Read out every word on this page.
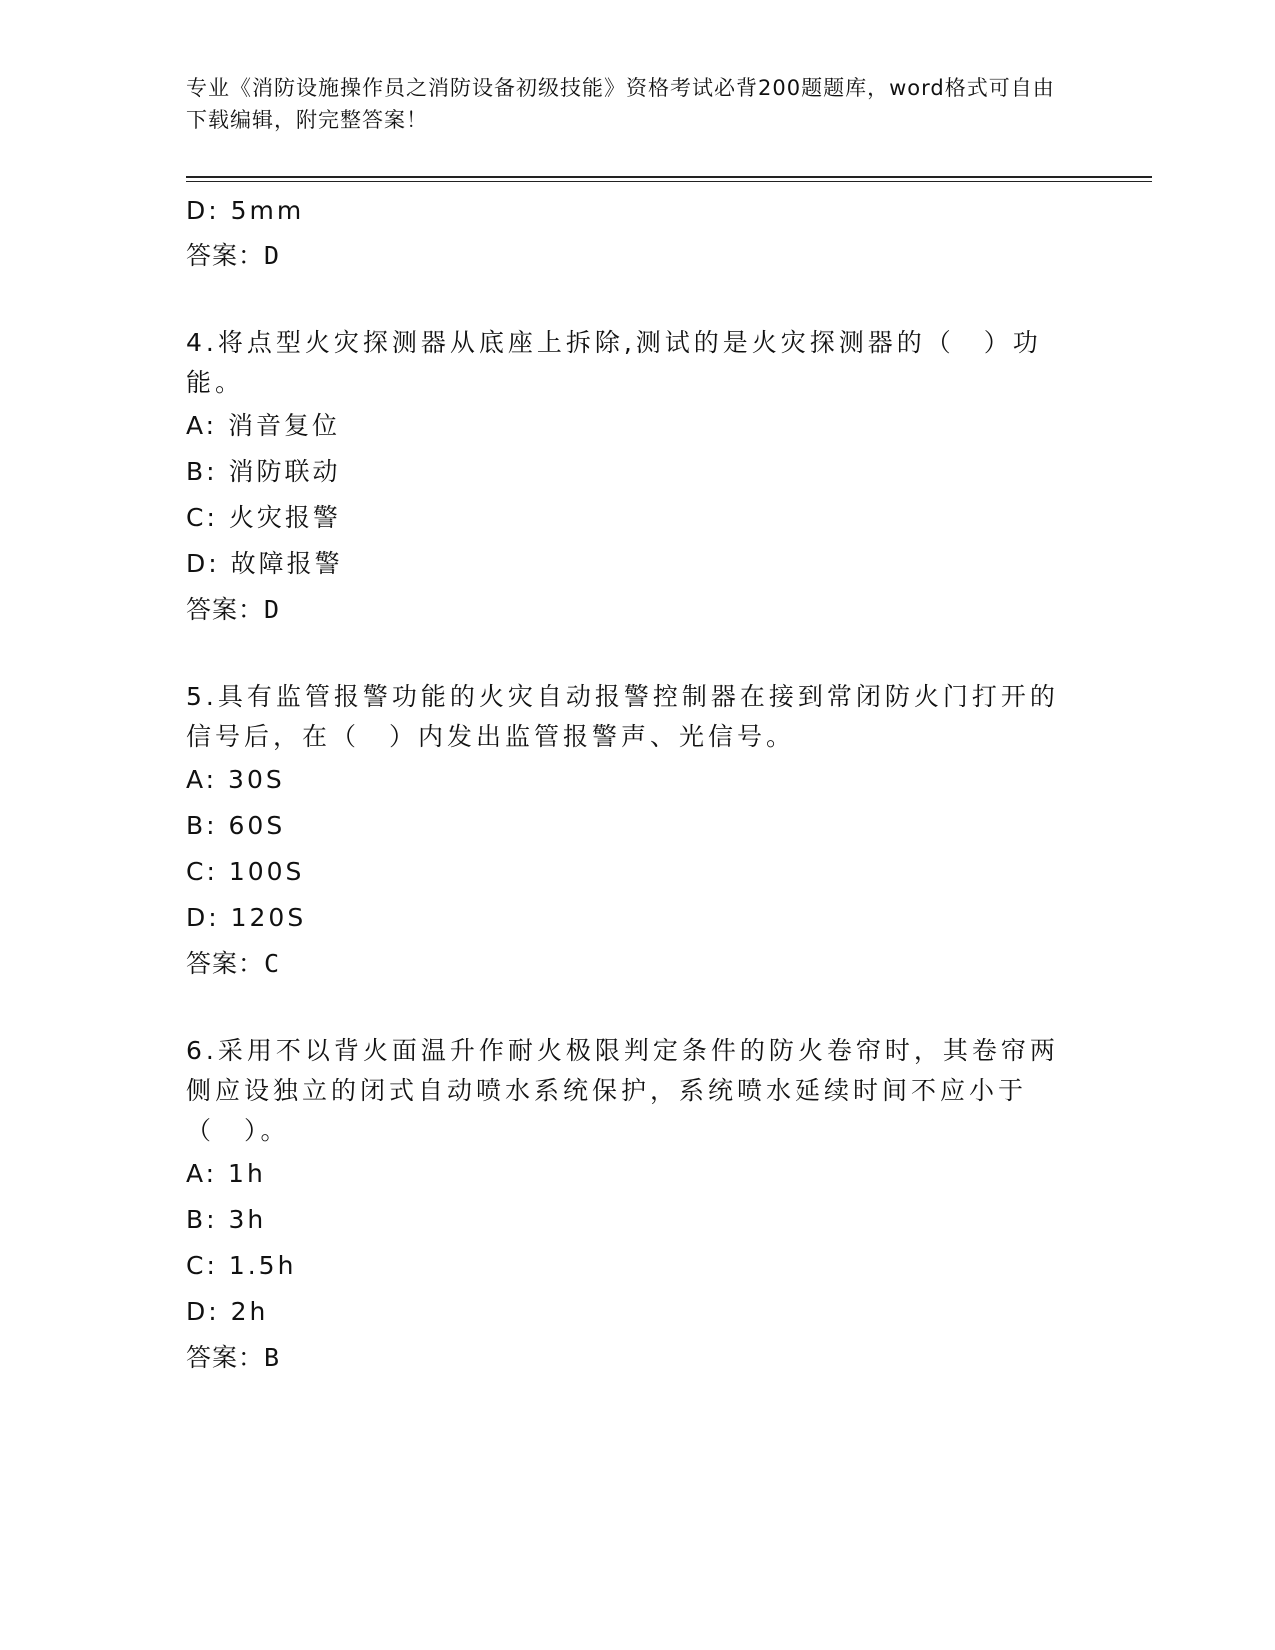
专业《消防设施操作员之消防设备初级技能》资格考试必背200题题库，word格式可自由下载编辑，附完整答案！

D: 5mm

答案：D

4.将点型火灾探测器从底座上拆除,测试的是火灾探测器的（　）功能。

A: 消音复位

B: 消防联动

C: 火灾报警

D: 故障报警

答案：D

5.具有监管报警功能的火灾自动报警控制器在接到常闭防火门打开的信号后，在（　）内发出监管报警声、光信号。

A: 30S

B: 60S

C: 100S

D: 120S

答案：C

6.采用不以背火面温升作耐火极限判定条件的防火卷帘时，其卷帘两侧应设独立的闭式自动喷水系统保护，系统喷水延续时间不应小于（　）。

A: 1h

B: 3h

C: 1.5h

D: 2h

答案：B
